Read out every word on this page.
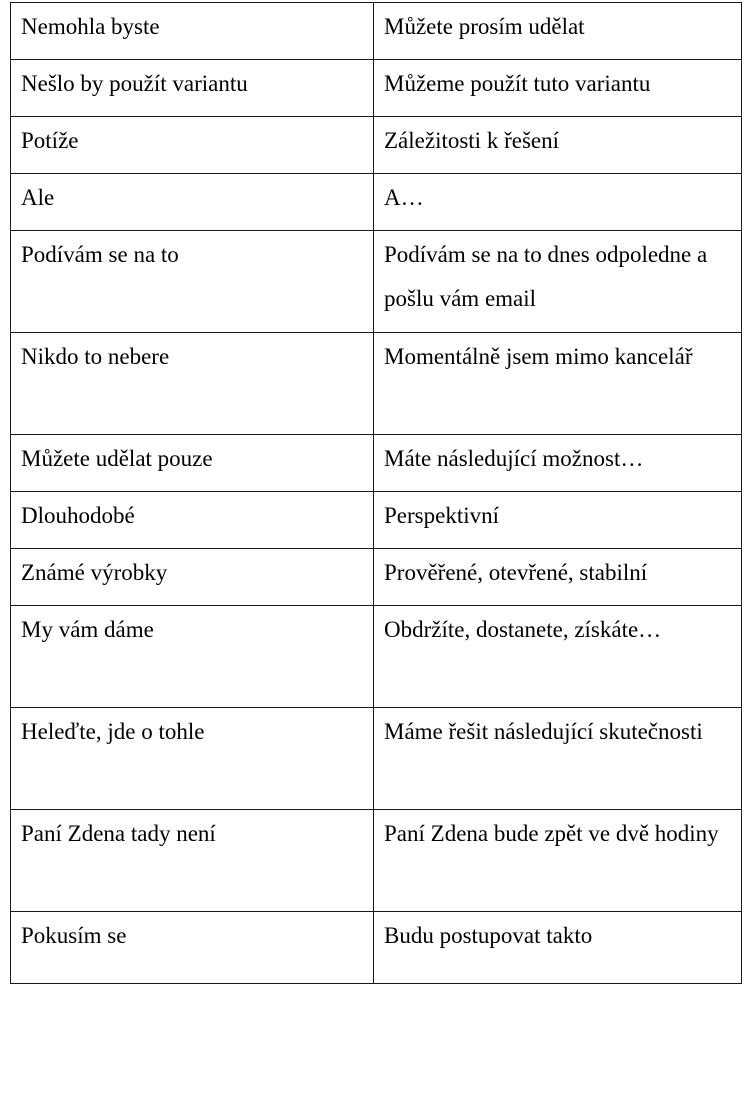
Nemohla byste	Můžete prosím udělat

Nešlo by použít variantu	Můžeme použít tuto variantu

Potíže	Záležitosti k řešení

Ale	A…

Podívám se na to	Podívám se na to dnes odpoledne a pošlu vám email

Nikdo to nebere	Momentálně jsem mimo kancelář

Můžete udělat pouze	Máte následující možnost…

Dlouhodobé	Perspektivní

Známé výrobky	Prověřené, otevřené, stabilní

My vám dáme	Obdržíte, dostanete, získáte…

Heleďte, jde o tohle	Máme řešit následující skutečnosti

Paní Zdena tady není	Paní Zdena bude zpět ve dvě hodiny

Pokusím se	Budu postupovat takto
